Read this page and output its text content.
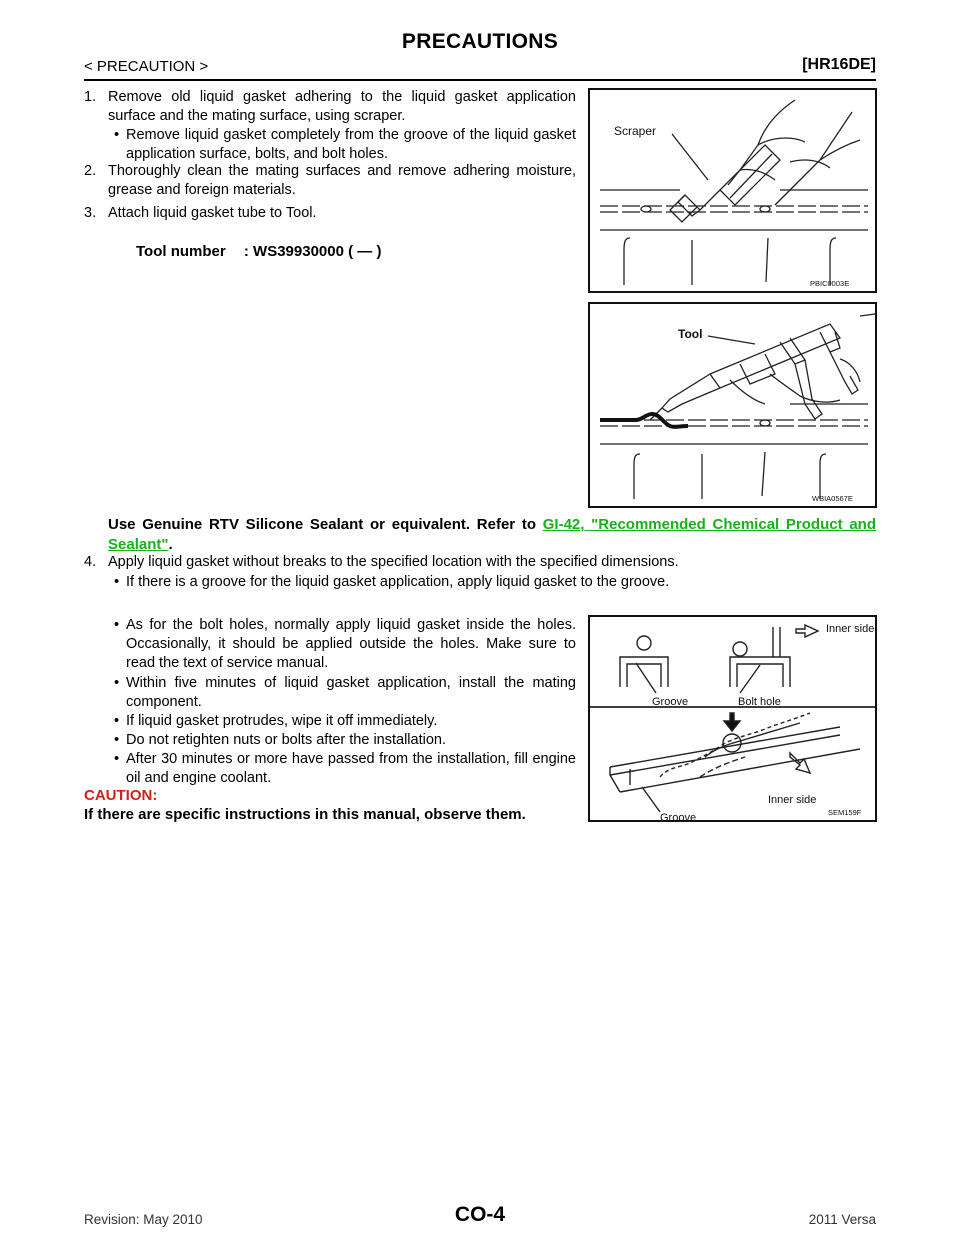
PRECAUTIONS
< PRECAUTION >	[HR16DE]
1. Remove old liquid gasket adhering to the liquid gasket application surface and the mating surface, using scraper.

• Remove liquid gasket completely from the groove of the liquid gasket application surface, bolts, and bolt holes.

2. Thoroughly clean the mating surfaces and remove adhering moisture, grease and foreign materials.

3. Attach liquid gasket tube to Tool.

Tool number : WS39930000 ( — )
Use Genuine RTV Silicone Sealant or equivalent. Refer to GI-42, "Recommended Chemical Product and Sealant".
4. Apply liquid gasket without breaks to the specified location with the specified dimensions.

• If there is a groove for the liquid gasket application, apply liquid gasket to the groove.

• As for the bolt holes, normally apply liquid gasket inside the holes. Occasionally, it should be applied outside the holes. Make sure to read the text of service manual.

• Within five minutes of liquid gasket application, install the mating component.

• If liquid gasket protrudes, wipe it off immediately.

• Do not retighten nuts or bolts after the installation.

• After 30 minutes or more have passed from the installation, fill engine oil and engine coolant.

CAUTION:
If there are specific instructions in this manual, observe them.
Scraper
PBIC0003E
Tool
WBIA0567E
Inner side
Groove	Bolt hole
Inner side
Groove	SEM159F
Revision: May 2010	CO-4	2011 Versa
